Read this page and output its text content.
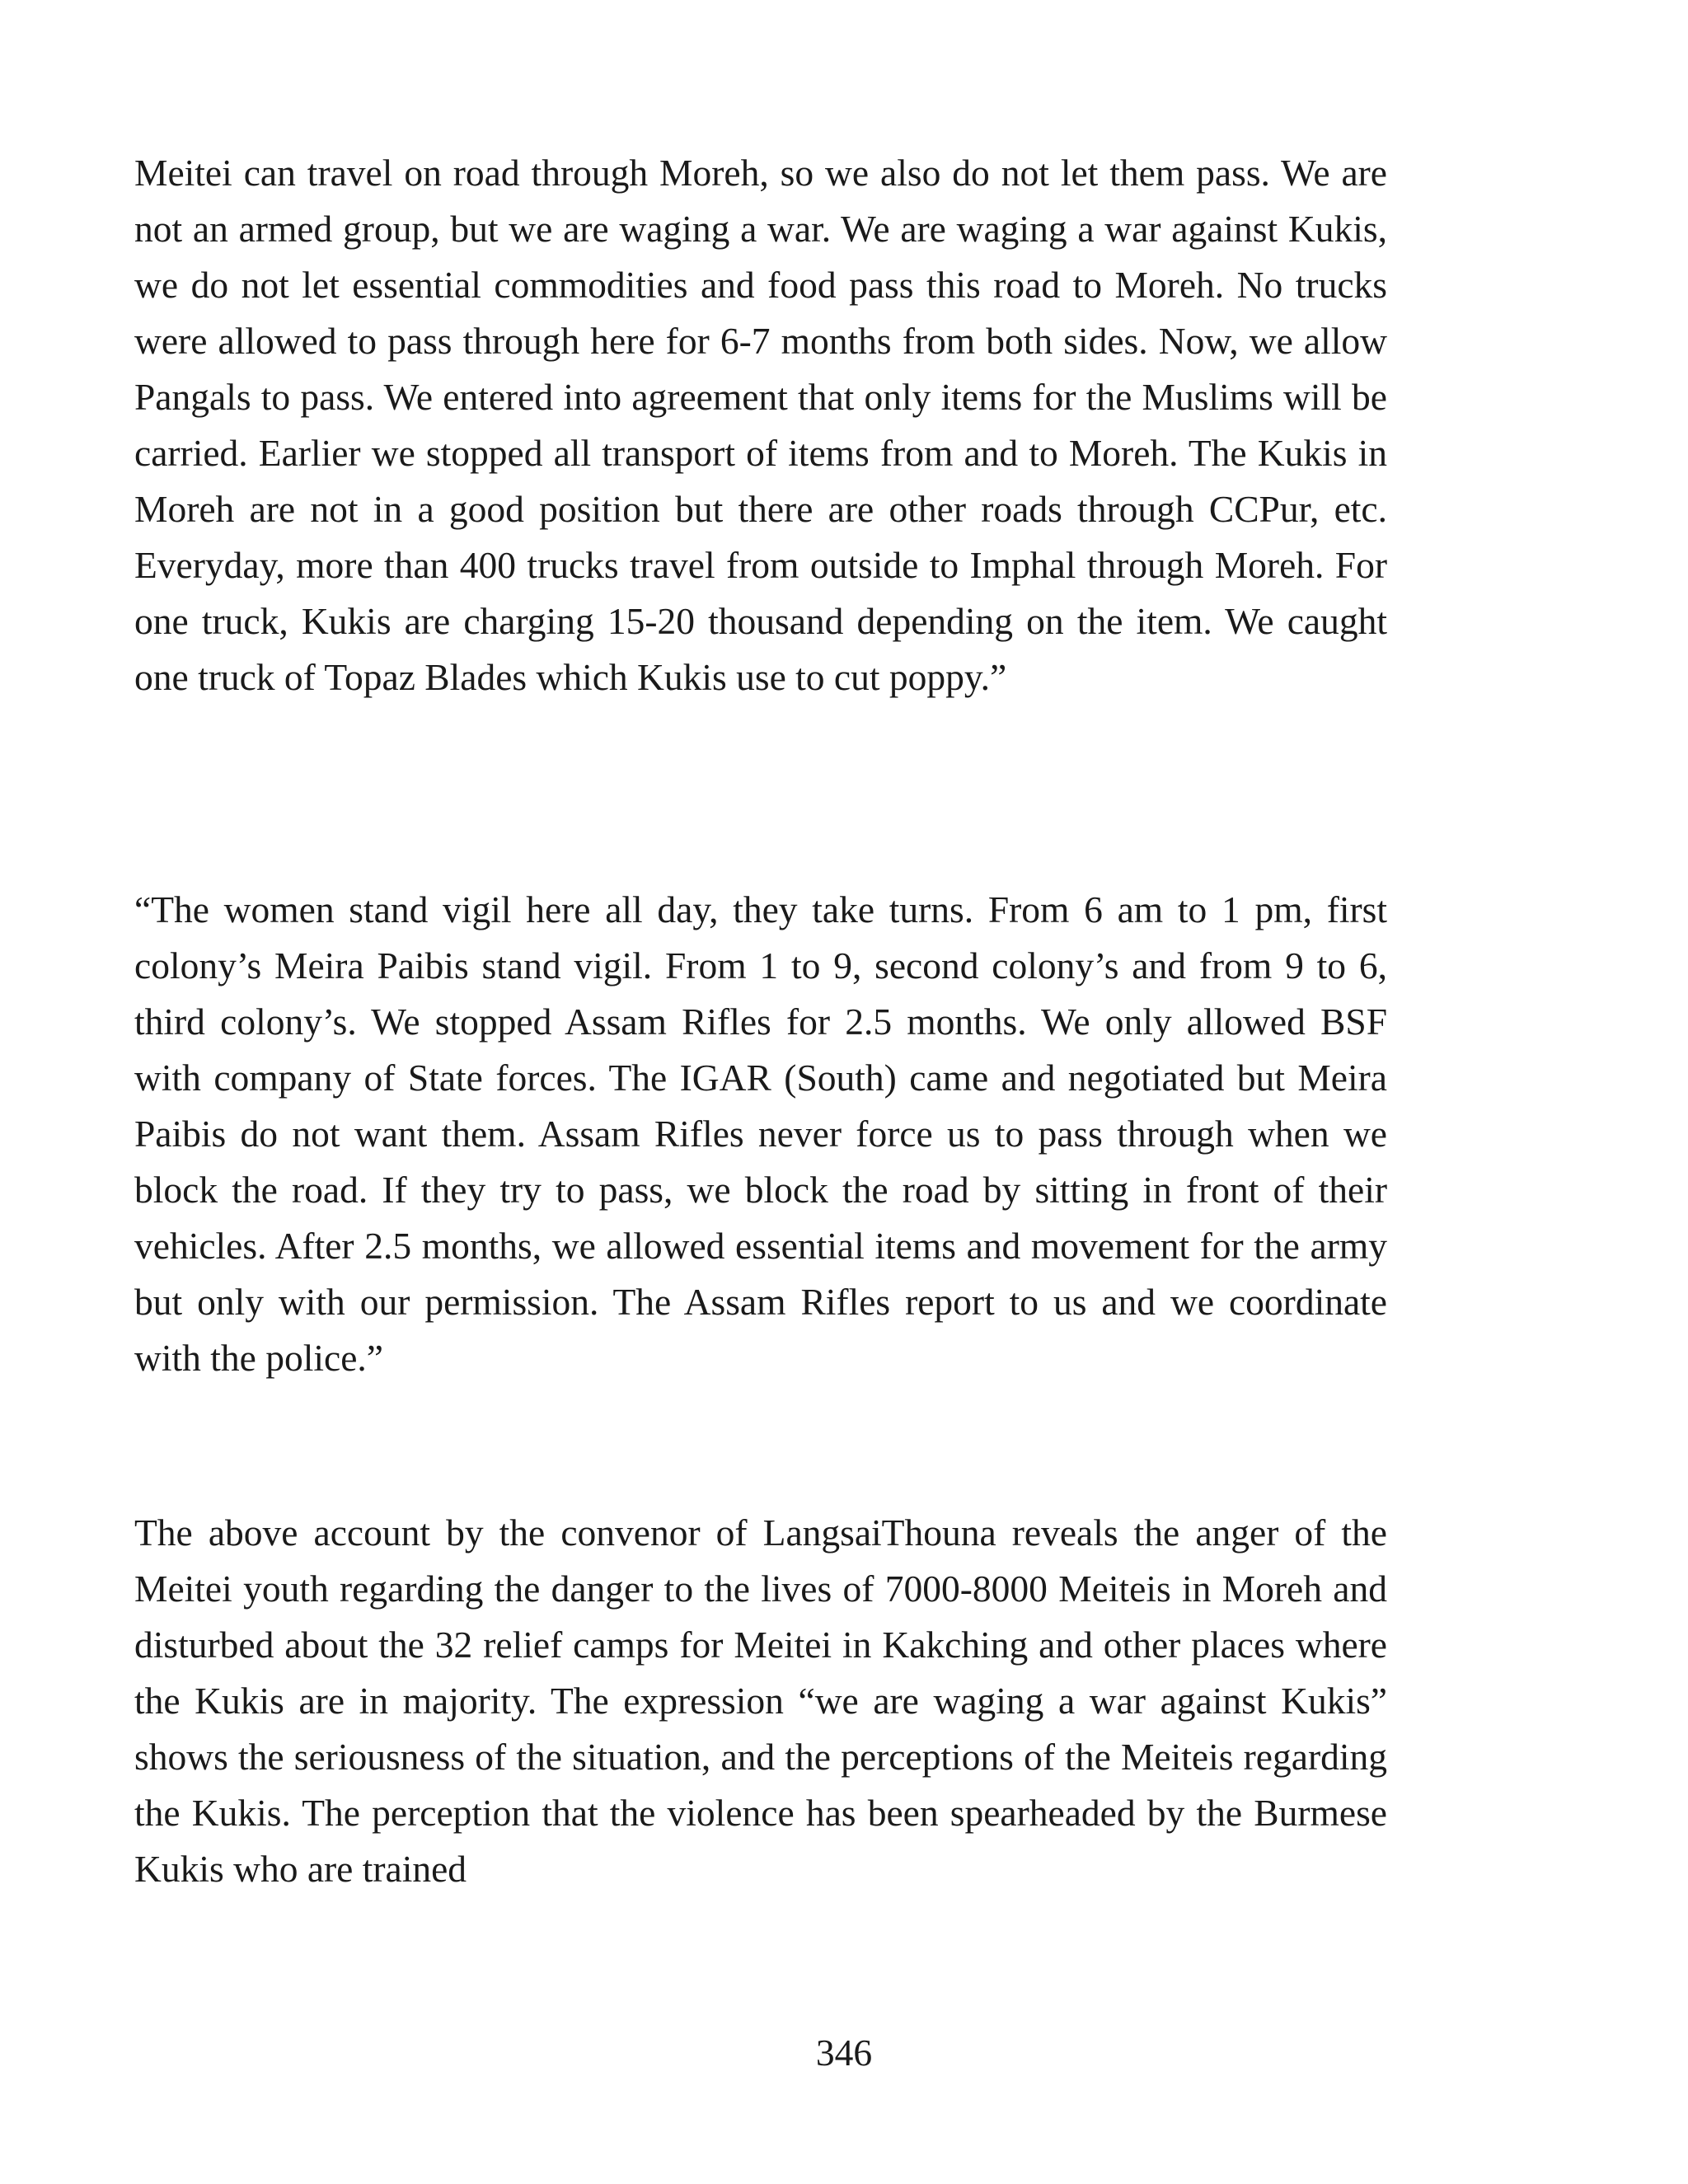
Meitei can travel on road through Moreh, so we also do not let them pass. We are not an armed group, but we are waging a war. We are waging a war against Kukis, we do not let essential commodities and food pass this road to Moreh. No trucks were allowed to pass through here for 6-7 months from both sides. Now, we allow Pangals to pass. We entered into agreement that only items for the Muslims will be carried. Earlier we stopped all transport of items from and to Moreh. The Kukis in Moreh are not in a good position but there are other roads through CCPur, etc. Everyday, more than 400 trucks travel from outside to Imphal through Moreh. For one truck, Kukis are charging 15-20 thousand depending on the item. We caught one truck of Topaz Blades which Kukis use to cut poppy.”

“The women stand vigil here all day, they take turns. From 6 am to 1 pm, first colony’s Meira Paibis stand vigil. From 1 to 9, second colony’s and from 9 to 6, third colony’s. We stopped Assam Rifles for 2.5 months. We only allowed BSF with company of State forces. The IGAR (South) came and negotiated but Meira Paibis do not want them. Assam Rifles never force us to pass through when we block the road. If they try to pass, we block the road by sitting in front of their vehicles. After 2.5 months, we allowed essential items and movement for the army but only with our permission. The Assam Rifles report to us and we coordinate with the police.”

The above account by the convenor of LangsaiThouna reveals the anger of the Meitei youth regarding the danger to the lives of 7000-8000 Meiteis in Moreh and disturbed about the 32 relief camps for Meitei in Kakching and other places where the Kukis are in majority. The expression “we are waging a war against Kukis” shows the seriousness of the situation, and the perceptions of the Meiteis regarding the Kukis. The perception that the violence has been spearheaded by the Burmese Kukis who are trained

346
